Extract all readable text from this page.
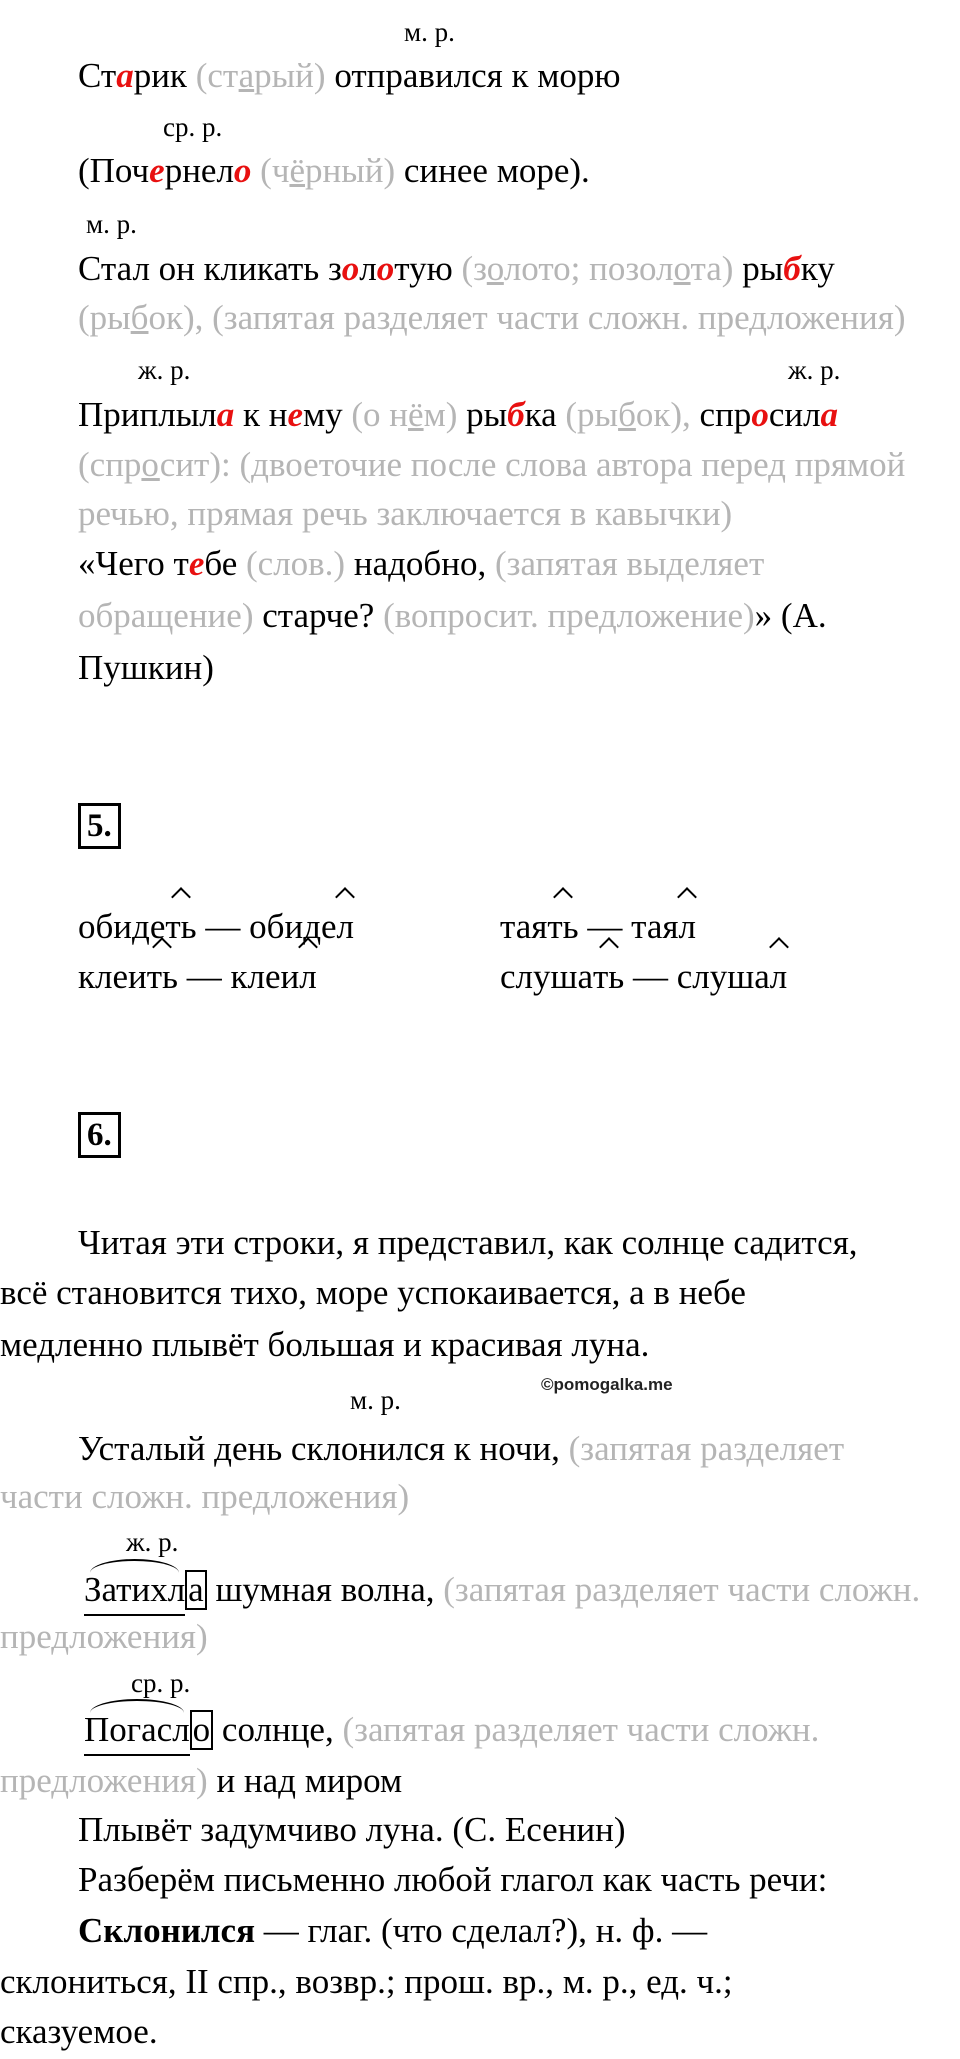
м. р.
Старик (старый) отправился к морю
ср. р.
(Почернело (чёрный) синее море).
м. р.
Стал он кликать золотую (золото; позолота) рыбку
(рыбок), (запятая разделяет части сложн. предложения)
ж. р.	ж. р.
Приплыла к нему (о нём) рыбка (рыбок), спросила
(спросит): (двоеточие после слова автора перед прямой
речью, прямая речь заключается в кавычки)
«Чего тебе (слов.) надобно, (запятая выделяет
обращение) старче? (вопросит. предложение)» (А.
Пушкин)
5.
обидеть — обидел
клеить — клеил
таять — таял
слушать — слушал
6.
Читая эти строки, я представил, как солнце садится,
всё становится тихо, море успокаивается, а в небе
медленно плывёт большая и красивая луна.
м. р.
©pomogalka.me
Усталый день склонился к ночи, (запятая разделяет
части сложн. предложения)
ж. р.
Затихла шумная волна, (запятая разделяет части сложн.
предложения)
ср. р.
Погасло солнце, (запятая разделяет части сложн.
предложения) и над миром
Плывёт задумчиво луна. (С. Есенин)
Разберём письменно любой глагол как часть речи:
Склонился — глаг. (что сделал?), н. ф. —
склониться, II спр., возвр.; прош. вр., м. р., ед. ч.;
сказуемое.
